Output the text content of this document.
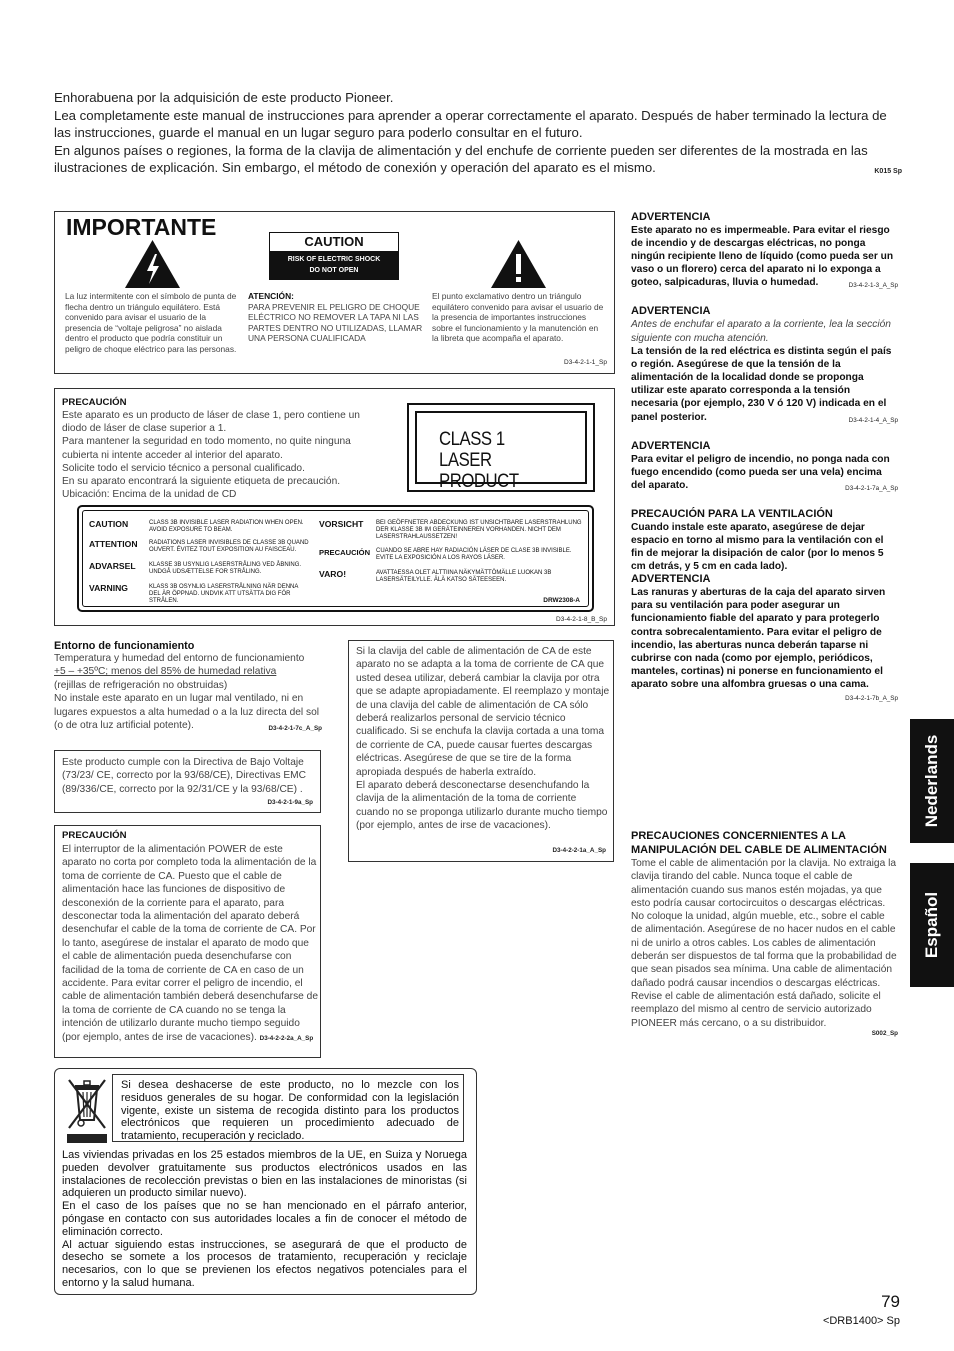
Enhorabuena por la adquisición de este producto Pioneer.

Lea completamente este manual de instrucciones para aprender a operar correctamente el aparato. Después de haber terminado la lectura de las instrucciones, guarde el manual en un lugar seguro para poderlo consultar en el futuro.

En algunos países o regiones, la forma de la clavija de alimentación y del enchufe de corriente pueden ser diferentes de la mostrada en las ilustraciones de explicación. Sin embargo, el método de conexión y operación del aparato es el mismo.	K015 Sp

IMPORTANTE
CAUTION
RISK OF ELECTRIC SHOCK
DO NOT OPEN
La luz intermitente con el símbolo de punta de flecha dentro un triángulo equilátero. Está convenido para avisar el usuario de la presencia de “voltaje peligrosa” no aislada dentro el producto que podría constituir un peligro de choque eléctrico para las personas.
ATENCIÓN:
PARA PREVENIR EL PELIGRO DE CHOQUE ELÉCTRICO NO REMOVER LA TAPA NI LAS PARTES DENTRO NO UTILIZADAS, LLAMAR UNA PERSONA CUALIFICADA
El punto exclamativo dentro un triángulo equilátero convenido para avisar el usuario de la presencia de importantes instrucciones sobre el funcionamiento y la manutención en la libreta que acompaña el aparato.
D3-4-2-1-1_Sp
PRECAUCIÓN
Este aparato es un producto de láser de clase 1, pero contiene un diodo de láser de clase superior a 1.
Para mantener la seguridad en todo momento, no quite ninguna cubierta ni intente acceder al interior del aparato.
Solicite todo el servicio técnico a personal cualificado.
En su aparato encontrará la siguiente etiqueta de precaución.
Ubicación: Encima de la unidad de CD
CLASS 1
LASER PRODUCT
CAUTION	CLASS 3B INVISIBLE LASER RADIATION WHEN OPEN. AVOID EXPOSURE TO BEAM.
ATTENTION	RADIATIONS LASER INVISIBLES DE CLASSE 3B QUAND OUVERT. ÉVITEZ TOUT EXPOSITION AU FAISCEAU.
ADVARSEL	KLASSE 3B USYNLIG LASERSTRÅLING VED ÅBNING. UNDGÅ UDSÆTTELSE FOR STRÅLING.
VARNING	KLASS 3B OSYNLIG LASERSTRÅLNING NÄR DENNA DEL ÄR ÖPPNAD. UNDVIK ATT UTSÄTTA DIG FÖR STRÅLEN.
VORSICHT	BEI GEÖFFNETER ABDECKUNG IST UNSICHTBARE LASERSTRAHLUNG DER KLASSE 3B IM GERÄTEINNEREN VORHANDEN. NICHT DEM LASERSTRAHLAUSSETZEN!
PRECAUCIÓN	CUANDO SE ABRE HAY RADIACIÓN LÁSER DE CLASE 3B INVISIBLE. EVITE LA EXPOSICIÓN A LOS RAYOS LÁSER.
VARO!	AVATTAESSA OLET ALTTIINA NÄKYMÄTTÖMÄLLE LUOKAN 3B LASERSÄTEILYLLE. ÄLÄ KATSO SÄTEESEEN.
DRW2308-A
D3-4-2-1-8_B_Sp
Entorno de funcionamiento
Temperatura y humedad del entorno de funcionamiento
+5 – +35ºC; menos del 85% de humedad relativa
(rejillas de refrigeración no obstruidas)
No instale este aparato en un lugar mal ventilado, ni en lugares expuestos a alta humedad o a la luz directa del sol (o de otra luz artificial potente).	D3-4-2-1-7c_A_Sp
Este producto cumple con la Directiva de Bajo Voltaje (73/23/ CE, correcto por la 93/68/CE), Directivas EMC (89/336/CE, correcto por la 92/31/CE y la 93/68/CE) .
D3-4-2-1-9a_Sp
PRECAUCIÓN
El interruptor de la alimentación POWER de este aparato no corta por completo toda la alimentación de la toma de corriente de CA. Puesto que el cable de alimentación hace las funciones de dispositivo de desconexión de la corriente para el aparato, para desconectar toda la alimentación del aparato deberá desenchufar el cable de la toma de corriente de CA. Por lo tanto, asegúrese de instalar el aparato de modo que el cable de alimentación pueda desenchufarse con facilidad de la toma de corriente de CA en caso de un accidente. Para evitar correr el peligro de incendio, el cable de alimentación también deberá desenchufarse de la toma de corriente de CA cuando no se tenga la intención de utilizarlo durante mucho tiempo seguido (por ejemplo, antes de irse de vacaciones). D3-4-2-2-2a_A_Sp
Si la clavija del cable de alimentación de CA de este aparato no se adapta a la toma de corriente de CA que usted desea utilizar, deberá cambiar la clavija por otra que se adapte apropiadamente. El reemplazo y montaje de una clavija del cable de alimentación de CA sólo deberá realizarlos personal de servicio técnico cualificado. Si se enchufa la clavija cortada a una toma de corriente de CA, puede causar fuertes descargas eléctricas. Asegúrese de que se tire de la forma apropiada después de haberla extraído.
El aparato deberá desconectarse desenchufando la clavija de la alimentación de la toma de corriente cuando no se proponga utilizarlo durante mucho tiempo (por ejemplo, antes de irse de vacaciones).
D3-4-2-2-1a_A_Sp
ADVERTENCIA
Este aparato no es impermeable. Para evitar el riesgo de incendio y de descargas eléctricas, no ponga ningún recipiente lleno de líquido (como pueda ser un vaso o un florero) cerca del aparato ni lo exponga a goteo, salpicaduras, lluvia o humedad.	D3-4-2-1-3_A_Sp
ADVERTENCIA
Antes de enchufar el aparato a la corriente, lea la sección siguiente con mucha atención.
La tensión de la red eléctrica es distinta según el país o región. Asegúrese de que la tensión de la alimentación de la localidad donde se proponga utilizar este aparato corresponda a la tensión necesaria (por ejemplo, 230 V ó 120 V) indicada en el panel posterior.	D3-4-2-1-4_A_Sp
ADVERTENCIA
Para evitar el peligro de incendio, no ponga nada con fuego encendido (como pueda ser una vela) encima del aparato.	D3-4-2-1-7a_A_Sp
PRECAUCIÓN PARA LA VENTILACIÓN
Cuando instale este aparato, asegúrese de dejar espacio en torno al mismo para la ventilación con el fin de mejorar la disipación de calor (por lo menos 5 cm detrás, y 5 cm en cada lado).
ADVERTENCIA
Las ranuras y aberturas de la caja del aparato sirven para su ventilación para poder asegurar un funcionamiento fiable del aparato y para protegerlo contra sobrecalentamiento. Para evitar el peligro de incendio, las aberturas nunca deberán taparse ni cubrirse con nada (como por ejemplo, periódicos, manteles, cortinas) ni ponerse en funcionamiento el aparato sobre una alfombra gruesas o una cama.
D3-4-2-1-7b_A_Sp
PRECAUCIONES CONCERNIENTES A LA MANIPULACIÓN DEL CABLE DE ALIMENTACIÓN
Tome el cable de alimentación por la clavija. No extraiga la clavija tirando del cable. Nunca toque el cable de alimentación cuando sus manos estén mojadas, ya que esto podría causar cortocircuitos o descargas eléctricas. No coloque la unidad, algún mueble, etc., sobre el cable de alimentación. Asegúrese de no hacer nudos en el cable ni de unirlo a otros cables. Los cables de alimentación deberán ser dispuestos de tal forma que la probabilidad de que sean pisados sea mínima. Una cable de alimentación dañado podrá causar incendios o descargas eléctricas. Revise el cable de alimentación está dañado, solicite el reemplazo del mismo al centro de servicio autorizado PIONEER más cercano, o a su distribuidor.
S002_Sp
Si desea deshacerse de este producto, no lo mezcle con los residuos generales de su hogar. De conformidad con la legislación vigente, existe un sistema de recogida distinto para los productos electrónicos que requieren un procedimiento adecuado de tratamiento, recuperación y reciclado.
Las viviendas privadas en los 25 estados miembros de la UE, en Suiza y Noruega pueden devolver gratuitamente sus productos electrónicos usados en las instalaciones de recolección previstas o bien en las instalaciones de minoristas (si adquieren un producto similar nuevo).
En el caso de los países que no se han mencionado en el párrafo anterior, póngase en contacto con sus autoridades locales a fin de conocer el método de eliminación correcto.
Al actuar siguiendo estas instrucciones, se asegurará de que el producto de desecho se somete a los procesos de tratamiento, recuperación y reciclaje necesarios, con lo que se previenen los efectos negativos potenciales para el entorno y la salud humana.
Nederlands
Español
79
<DRB1400> Sp
